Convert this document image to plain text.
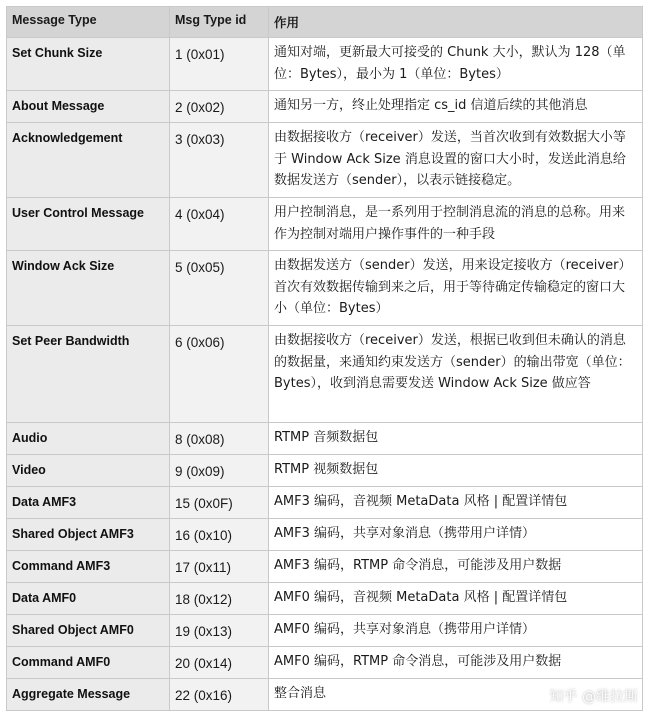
Message Type	Msg Type id	作用
Set Chunk Size	1 (0x01)	通知对端，更新最大可接受的 Chunk 大小，默认为 128（单位：Bytes），最小为 1（单位：Bytes）
About Message	2 (0x02)	通知另一方，终止处理指定 cs_id 信道后续的其他消息
Acknowledgement	3 (0x03)	由数据接收方（receiver）发送，当首次收到有效数据大小等于 Window Ack Size 消息设置的窗口大小时，发送此消息给 数据发送方（sender），以表示链接稳定。
User Control Message	4 (0x04)	用户控制消息，是一系列用于控制消息流的消息的总称。用来作为控制对端用户操作事件的一种手段
Window Ack Size	5 (0x05)	由数据发送方（sender）发送，用来设定接收方（receiver）首次有效数据传输到来之后，用于等待确定传输稳定的窗口大小（单位：Bytes）
Set Peer Bandwidth	6 (0x06)	由数据接收方（receiver）发送，根据已收到但未确认的消息的数据量，来通知约束发送方（sender）的输出带宽（单位：Bytes），收到消息需要发送 Window Ack Size 做应答
Audio	8 (0x08)	RTMP 音频数据包
Video	9 (0x09)	RTMP 视频数据包
Data AMF3	15 (0x0F)	AMF3 编码，音视频 MetaData 风格 | 配置详情包
Shared Object AMF3	16 (0x10)	AMF3 编码，共享对象消息（携带用户详情）
Command AMF3	17 (0x11)	AMF3 编码，RTMP 命令消息，可能涉及用户数据
Data AMF0	18 (0x12)	AMF0 编码，音视频 MetaData 风格 | 配置详情包
Shared Object AMF0	19 (0x13)	AMF0 编码，共享对象消息（携带用户详情）
Command AMF0	20 (0x14)	AMF0 编码，RTMP 命令消息，可能涉及用户数据
Aggregate Message	22 (0x16)	整合消息	知乎 @维拉斯
